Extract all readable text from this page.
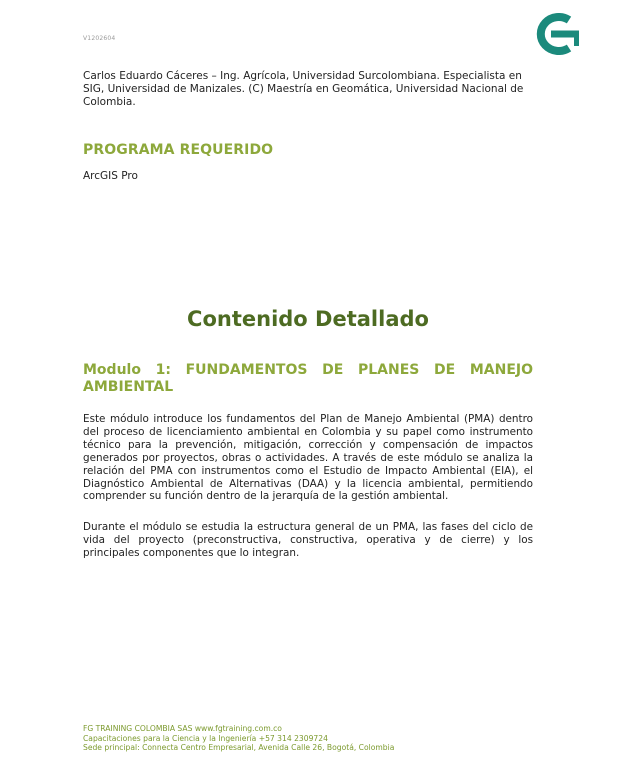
V1202604
Carlos Eduardo Cáceres – Ing. Agrícola, Universidad Surcolombiana. Especialista en SIG, Universidad de Manizales. (C) Maestría en Geomática, Universidad Nacional de Colombia.
PROGRAMA REQUERIDO
ArcGIS Pro
Contenido Detallado
Modulo 1: FUNDAMENTOS DE PLANES DE MANEJO AMBIENTAL
Este módulo introduce los fundamentos del Plan de Manejo Ambiental (PMA) dentro del proceso de licenciamiento ambiental en Colombia y su papel como instrumento técnico para la prevención, mitigación, corrección y compensación de impactos generados por proyectos, obras o actividades. A través de este módulo se analiza la relación del PMA con instrumentos como el Estudio de Impacto Ambiental (EIA), el Diagnóstico Ambiental de Alternativas (DAA) y la licencia ambiental, permitiendo comprender su función dentro de la jerarquía de la gestión ambiental.
Durante el módulo se estudia la estructura general de un PMA, las fases del ciclo de vida del proyecto (preconstructiva, constructiva, operativa y de cierre) y los principales componentes que lo integran.
FG TRAINING COLOMBIA SAS www.fgtraining.com.co
Capacitaciones para la Ciencia y la Ingeniería +57 314 2309724
Sede principal: Connecta Centro Empresarial, Avenida Calle 26, Bogotá, Colombia
